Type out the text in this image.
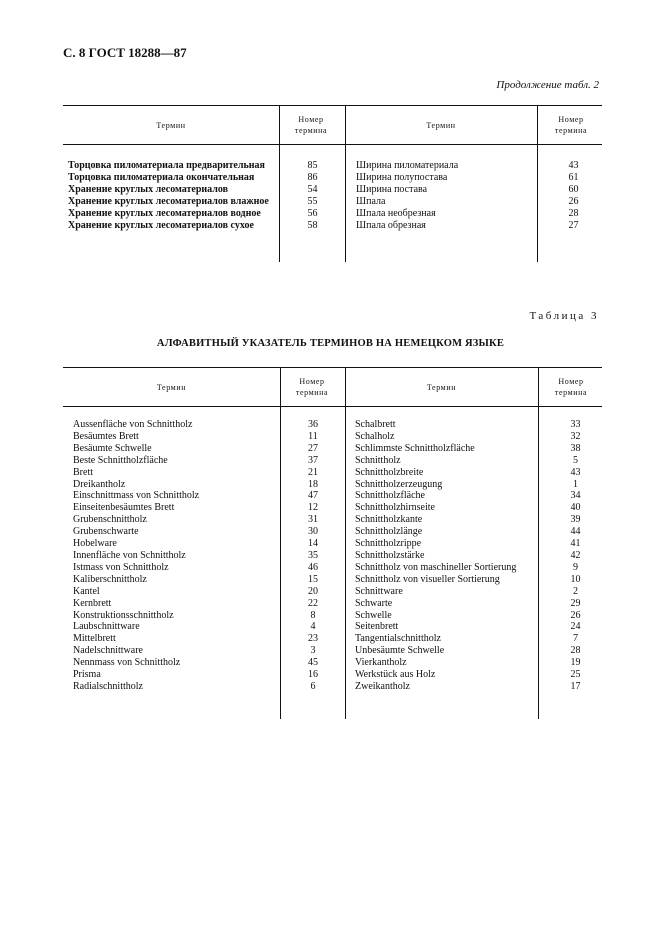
С. 8 ГОСТ 18288—87
Продолжение табл. 2
Термин
Номер термина
Термин
Номер термина
Торцовка пиломатериала предварительная	85	Ширина пиломатериала	43
Торцовка пиломатериала окончательная	86	Ширина полупостава	61
Хранение круглых лесоматериалов	54	Ширина постава	60
Хранение круглых лесоматериалов влажное	55	Шпала	26
Хранение круглых лесоматериалов водное	56	Шпала необрезная	28
Хранение круглых лесоматериалов сухое	58	Шпала обрезная	27
Таблица 3
АЛФАВИТНЫЙ УКАЗАТЕЛЬ ТЕРМИНОВ НА НЕМЕЦКОМ ЯЗЫКЕ
Термин
Номер термина
Термин
Номер термина
Aussenfläche von Schnittholz	36	Schalbrett	33
Besäumtes Brett	11	Schalholz	32
Besäumte Schwelle	27	Schlimmste Schnittholzfläche	38
Beste Schnittholzfläche	37	Schnittholz	5
Brett	21	Schnittholzbreite	43
Dreikantholz	18	Schnittholzerzeugung	1
Einschnittmass von Schnittholz	47	Schnittholzfläche	34
Einseitenbesäumtes Brett	12	Schnittholzhirnseite	40
Grubenschnittholz	31	Schnittholzkante	39
Grubenschwarte	30	Schnittholzlänge	44
Hobelware	14	Schnittholzrippe	41
Innenfläche von Schnittholz	35	Schnittholzstärke	42
Istmass von Schnittholz	46	Schnittholz von maschineller Sortierung	9
Kaliberschnittholz	15	Schnittholz von visueller Sortierung	10
Kantel	20	Schnittware	2
Kernbrett	22	Schwarte	29
Konstruktionsschnittholz	8	Schwelle	26
Laubschnittware	4	Seitenbrett	24
Mittelbrett	23	Tangentialschnittholz	7
Nadelschnittware	3	Unbesäumte Schwelle	28
Nennmass von Schnittholz	45	Vierkantholz	19
Prisma	16	Werkstück aus Holz	25
Radialschnittholz	6	Zweikantholz	17
